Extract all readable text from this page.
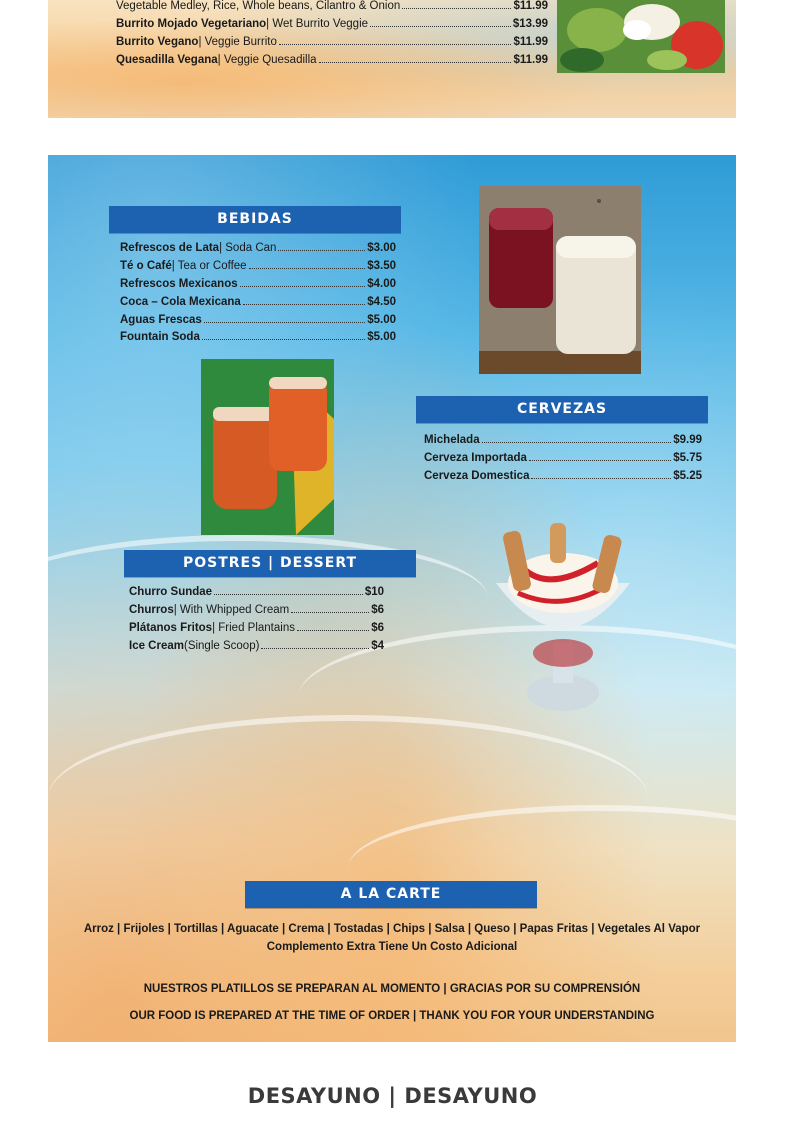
Vegetable Medley, Rice, Whole beans, Cilantro & Onion	$11.99
Burrito Mojado Vegetariano | Wet Burrito Veggie	$13.99
Burrito Vegano | Veggie Burrito	$11.99
Quesadilla Vegana | Veggie Quesadilla	$11.99
BEBIDAS
Refrescos de Lata | Soda Can	$3.00
Té o Café | Tea or Coffee	$3.50
Refrescos Mexicanos	$4.00
Coca – Cola Mexicana	$4.50
Aguas Frescas	$5.00
Fountain Soda	$5.00
CERVEZAS
Michelada	$9.99
Cerveza Importada	$5.75
Cerveza Domestica	$5.25
POSTRES | DESSERT
Churro Sundae	$10
Churros | With Whipped Cream	$6
Plátanos Fritos | Fried Plantains	$6
Ice Cream (Single Scoop)	$4
A LA CARTE
Arroz | Frijoles | Tortillas | Aguacate | Crema | Tostadas | Chips | Salsa | Queso | Papas Fritas | Vegetales Al Vapor
Complemento Extra Tiene Un Costo Adicional
NUESTROS PLATILLOS SE PREPARAN AL MOMENTO | GRACIAS POR SU COMPRENSIÓN
OUR FOOD IS PREPARED AT THE TIME OF ORDER | THANK YOU FOR YOUR UNDERSTANDING
DESAYUNO | DESAYUNO
